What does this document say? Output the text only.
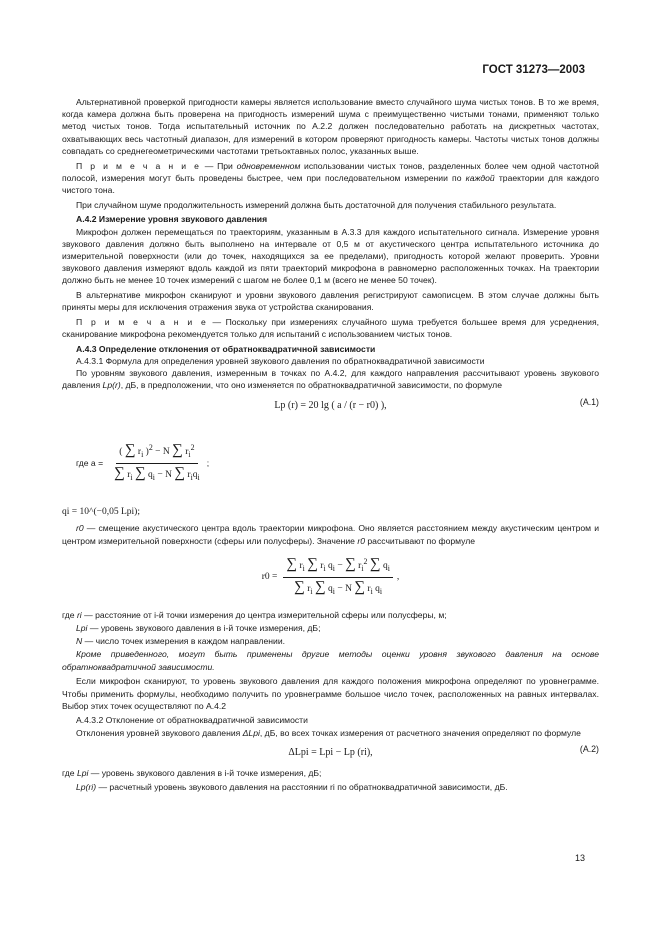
ГОСТ 31273—2003

Альтернативной проверкой пригодности камеры является использование вместо случайного шума чистых тонов. В то же время, когда камера должна быть проверена на пригодность измерений шума с преимущественно чистыми тонами, применяют только метод чистых тонов. Тогда испытательный источник по А.2.2 должен последовательно работать на дискретных частотах, охватывающих весь частотный диапазон, для измерений в котором проверяют пригодность камеры. Частоты чистых тонов должны совпадать со среднегеометрическими частотами третьоктавных полос, указанных выше.

П р и м е ч а н и е — При одновременном использовании чистых тонов, разделенных более чем одной частотной полосой, измерения могут быть проведены быстрее, чем при последовательном измерении по каждой траектории для каждого чистого тона.

При случайном шуме продолжительность измерений должна быть достаточной для получения стабильного результата.

А.4.2 Измерение уровня звукового давления

Микрофон должен перемещаться по траекториям, указанным в А.3.3 для каждого испытательного сигнала. Измерение уровня звукового давления должно быть выполнено на интервале от 0,5 м от акустического центра испытательного источника до измерительной поверхности (или до точек, находящихся за ее пределами), пригодность которой желают проверить. Уровни звукового давления измеряют вдоль каждой из пяти траекторий микрофона в равномерно расположенных точках. На траектории должно быть не менее 10 точек измерений с шагом не более 0,1 м (всего не менее 50 точек).

В альтернативе микрофон сканируют и уровни звукового давления регистрируют самописцем. В этом случае должны быть приняты меры для исключения отражения звука от устройства сканирования.

П р и м е ч а н и е — Поскольку при измерениях случайного шума требуется большее время для усреднения, сканирование микрофона рекомендуется только для испытаний с использованием чистых тонов.

А.4.3 Определение отклонения от обратноквадратичной зависимости
А.4.3.1 Формула для определения уровней звукового давления по обратноквадратичной зависимости

По уровням звукового давления, измеренным в точках по А.4.2, для каждого направления рассчитывают уровень звукового давления Lp(r), дБ, в предположении, что оно изменяется по обратноквадратичной зависимости, по формуле

Lp (r) = 20 lg ( a / (r − r0) ),	(А.1)
где $a = \frac{( \sum r_i )^2 - N \sum r_i^2}{\sum r_i \sum q_i - N \sum r_iq_i}$ ;

qi = 10^(−0,05 Lpi);

r0 — смещение акустического центра вдоль траектории микрофона. Оно является расстоянием между акустическим центром и центром измерительной поверхности (сферы или полусферы). Значение r0 рассчитывают по формуле

$r0 = \frac{\sum r_i \sum r_i q_i - \sum r_i^2 \sum q_i}{\sum r_i \sum q_i - N \sum r_i q_i}$ ,
где ri — расстояние от i-й точки измерения до центра измерительной сферы или полусферы, м;
Lpi — уровень звукового давления в i-й точке измерения, дБ;
N — число точек измерения в каждом направлении.

Кроме приведенного, могут быть применены другие методы оценки уровня звукового давления на основе обратноквадратичной зависимости.

Если микрофон сканируют, то уровень звукового давления для каждого положения микрофона определяют по уровнеграмме. Чтобы применить формулы, необходимо получить по уровнеграмме большое число точек, расположенных на равных интервалах. Выбор этих точек осуществляют по А.4.2

А.4.3.2 Отклонение от обратноквадратичной зависимости

Отклонения уровней звукового давления ΔLpi, дБ, во всех точках измерения от расчетного значения определяют по формуле

ΔLpi = Lpi − Lp (ri),	(А.2)
где Lpi — уровень звукового давления в i-й точке измерения, дБ;
Lp(ri) — расчетный уровень звукового давления на расстоянии ri по обратноквадратичной зависимости, дБ.
13
